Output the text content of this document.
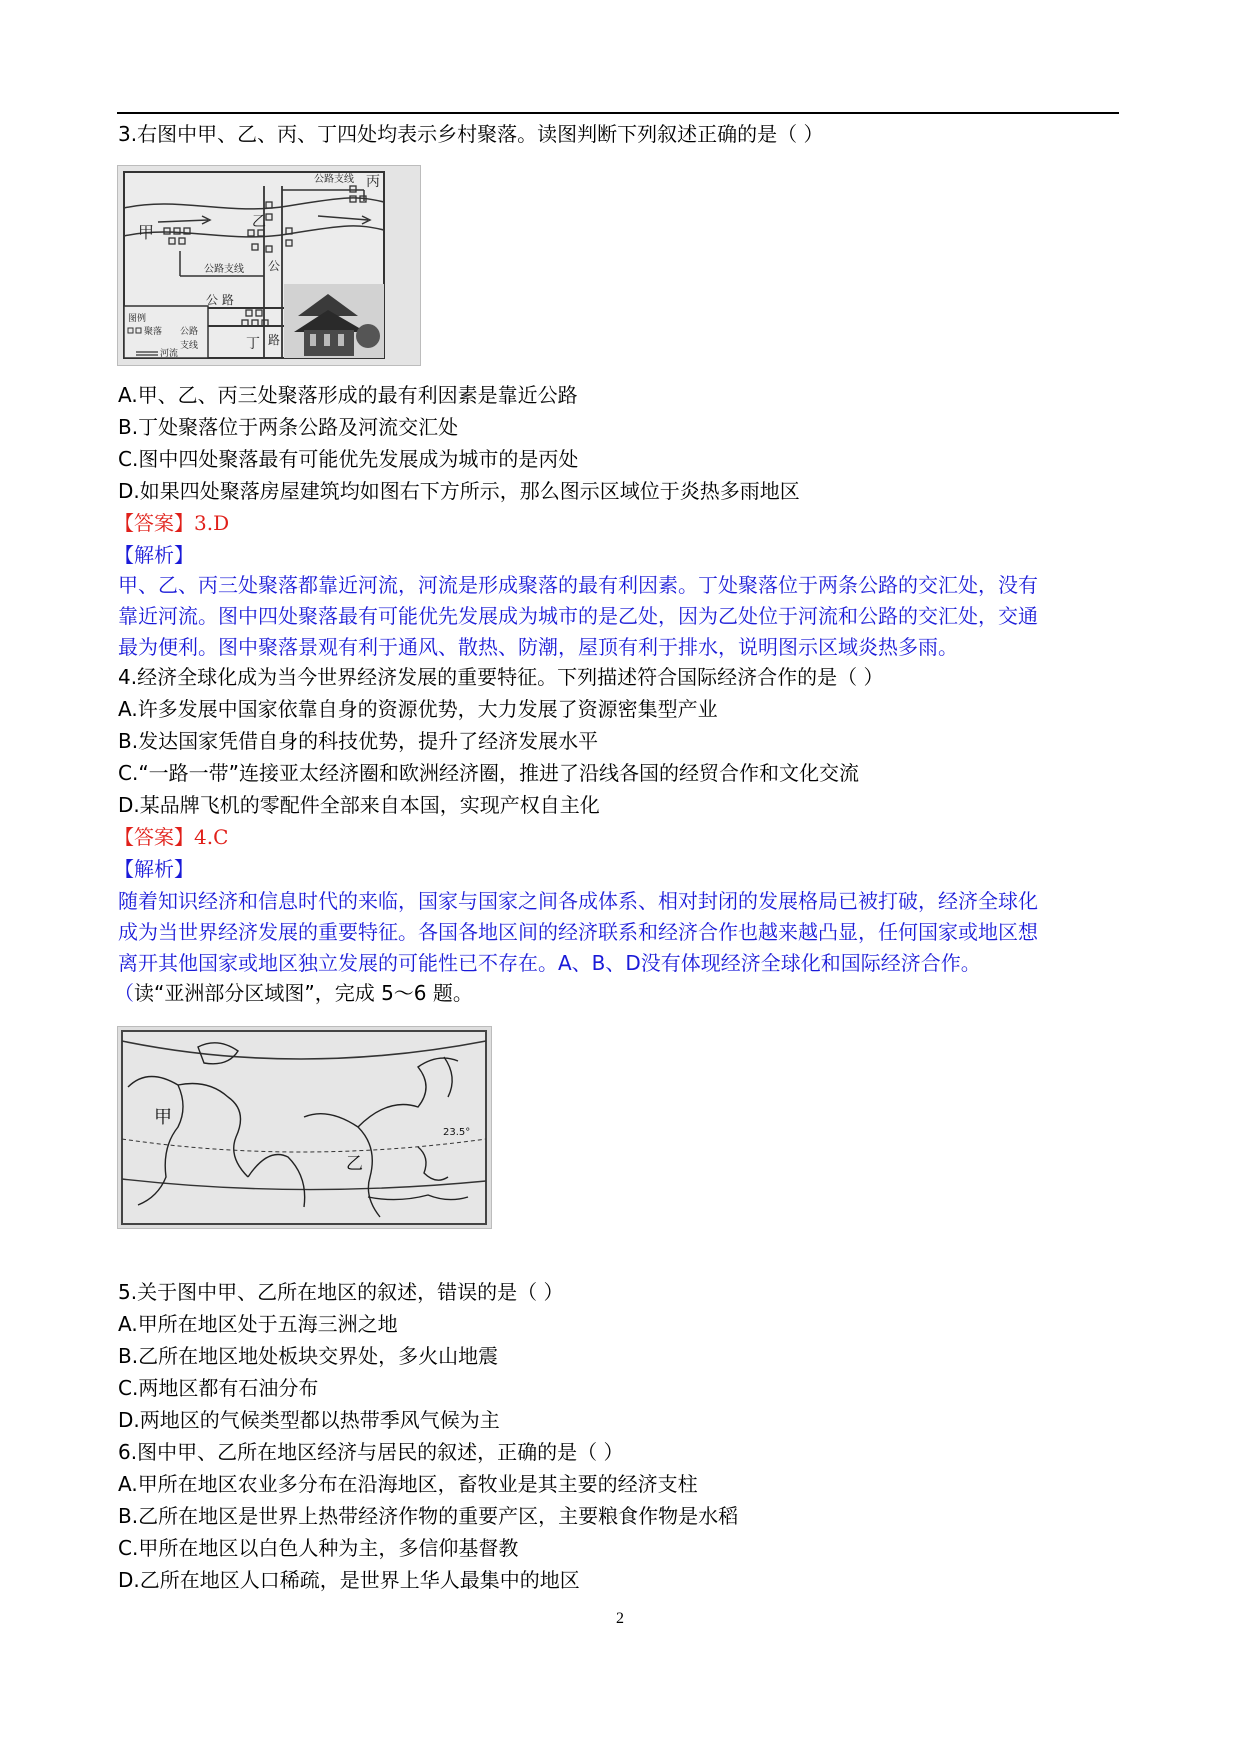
3.右图中甲、乙、丙、丁四处均表示乡村聚落。读图判断下列叙述正确的是（ ）
甲
乙
丙
丁
公路支线
公路支线
公 路
公
路
图例
聚落
河流
公路
支线
A.甲、乙、丙三处聚落形成的最有利因素是靠近公路
B.丁处聚落位于两条公路及河流交汇处
C.图中四处聚落最有可能优先发展成为城市的是丙处
D.如果四处聚落房屋建筑均如图右下方所示，那么图示区域位于炎热多雨地区
【答案】3.D
【解析】
甲、乙、丙三处聚落都靠近河流，河流是形成聚落的最有利因素。丁处聚落位于两条公路的交汇处，没有
靠近河流。图中四处聚落最有可能优先发展成为城市的是乙处，因为乙处位于河流和公路的交汇处，交通
最为便利。图中聚落景观有利于通风、散热、防潮，屋顶有利于排水，说明图示区域炎热多雨。
4.经济全球化成为当今世界经济发展的重要特征。下列描述符合国际经济合作的是（ ）
A.许多发展中国家依靠自身的资源优势，大力发展了资源密集型产业
B.发达国家凭借自身的科技优势，提升了经济发展水平
C.“一路一带”连接亚太经济圈和欧洲经济圈，推进了沿线各国的经贸合作和文化交流
D.某品牌飞机的零配件全部来自本国，实现产权自主化
【答案】4.C
【解析】
随着知识经济和信息时代的来临，国家与国家之间各成体系、相对封闭的发展格局已被打破，经济全球化
成为当世界经济发展的重要特征。各国各地区间的经济联系和经济合作也越来越凸显，任何国家或地区想
离开其他国家或地区独立发展的可能性已不存在。A、B、D没有体现经济全球化和国际经济合作。
（读“亚洲部分区域图”，完成 5～6 题。
甲
乙
23.5°
5.关于图中甲、乙所在地区的叙述，错误的是（ ）
A.甲所在地区处于五海三洲之地
B.乙所在地区地处板块交界处，多火山地震
C.两地区都有石油分布
D.两地区的气候类型都以热带季风气候为主
6.图中甲、乙所在地区经济与居民的叙述，正确的是（ ）
A.甲所在地区农业多分布在沿海地区，畜牧业是其主要的经济支柱
B.乙所在地区是世界上热带经济作物的重要产区，主要粮食作物是水稻
C.甲所在地区以白色人种为主，多信仰基督教
D.乙所在地区人口稀疏，是世界上华人最集中的地区
2
